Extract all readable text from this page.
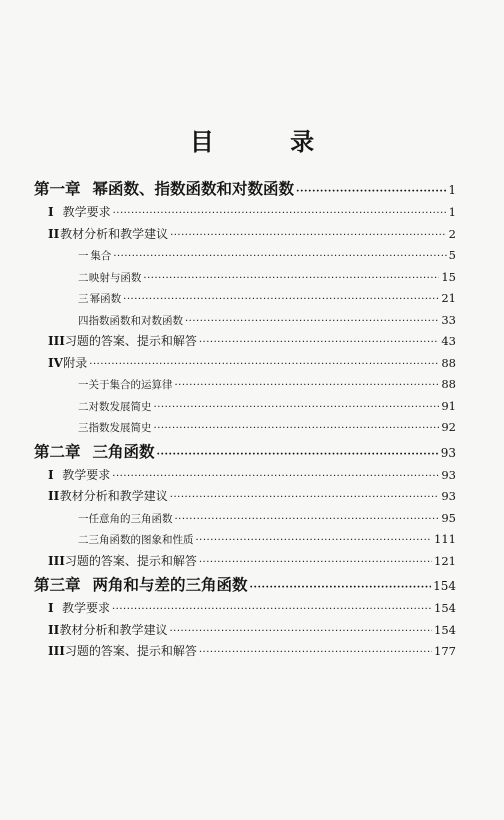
目 录
第一章 幂函数、指数函数和对数函数 ·····	1
I 教学要求 ·····	1
II 教材分析和教学建议 ·····	2
一 集合 ·····	5
二 映射与函数 ·····	15
三 幂函数 ·····	21
四 指数函数和对数函数 ·····	33
III 习题的答案、提示和解答 ·····	43
IV 附录 ·····	88
一 关于集合的运算律 ·····	88
二 对数发展简史 ·····	91
三 指数发展简史 ·····	92
第二章 三角函数 ·····	93
I 教学要求 ·····	93
II 教材分析和教学建议 ·····	93
一 任意角的三角函数 ·····	95
二 三角函数的图象和性质 ·····	111
III 习题的答案、提示和解答 ·····	121
第三章 两角和与差的三角函数 ·····	154
I 教学要求 ·····	154
II 教材分析和教学建议 ·····	154
III 习题的答案、提示和解答 ·····	177
